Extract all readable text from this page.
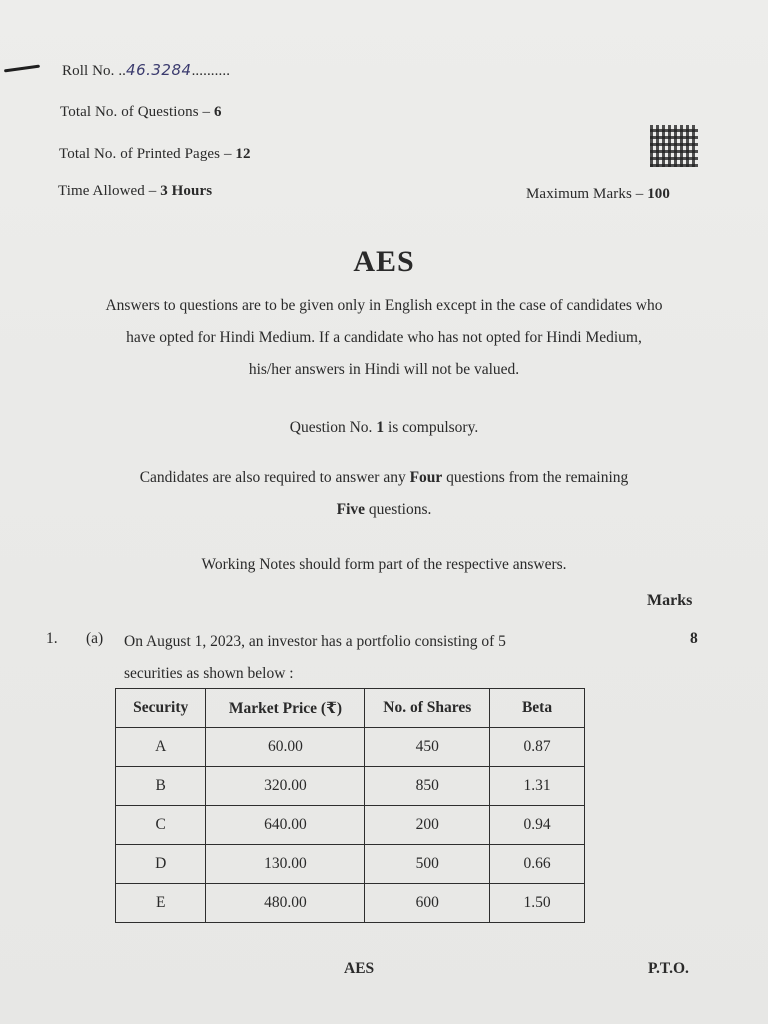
Roll No. ..46.3284..........
Total No. of Questions – 6
Total No. of Printed Pages – 12
Time Allowed – 3 Hours	Maximum Marks – 100
AES
Answers to questions are to be given only in English except in the case of candidates who
have opted for Hindi Medium. If a candidate who has not opted for Hindi Medium,
his/her answers in Hindi will not be valued.
Question No. 1 is compulsory.
Candidates are also required to answer any Four questions from the remaining
Five questions.
Working Notes should form part of the respective answers.
Marks
1. (a) On August 1, 2023, an investor has a portfolio consisting of 5
securities as shown below :
8
Security	Market Price (₹)	No. of Shares	Beta
A	60.00	450	0.87
B	320.00	850	1.31
C	640.00	200	0.94
D	130.00	500	0.66
E	480.00	600	1.50
AES	P.T.O.
